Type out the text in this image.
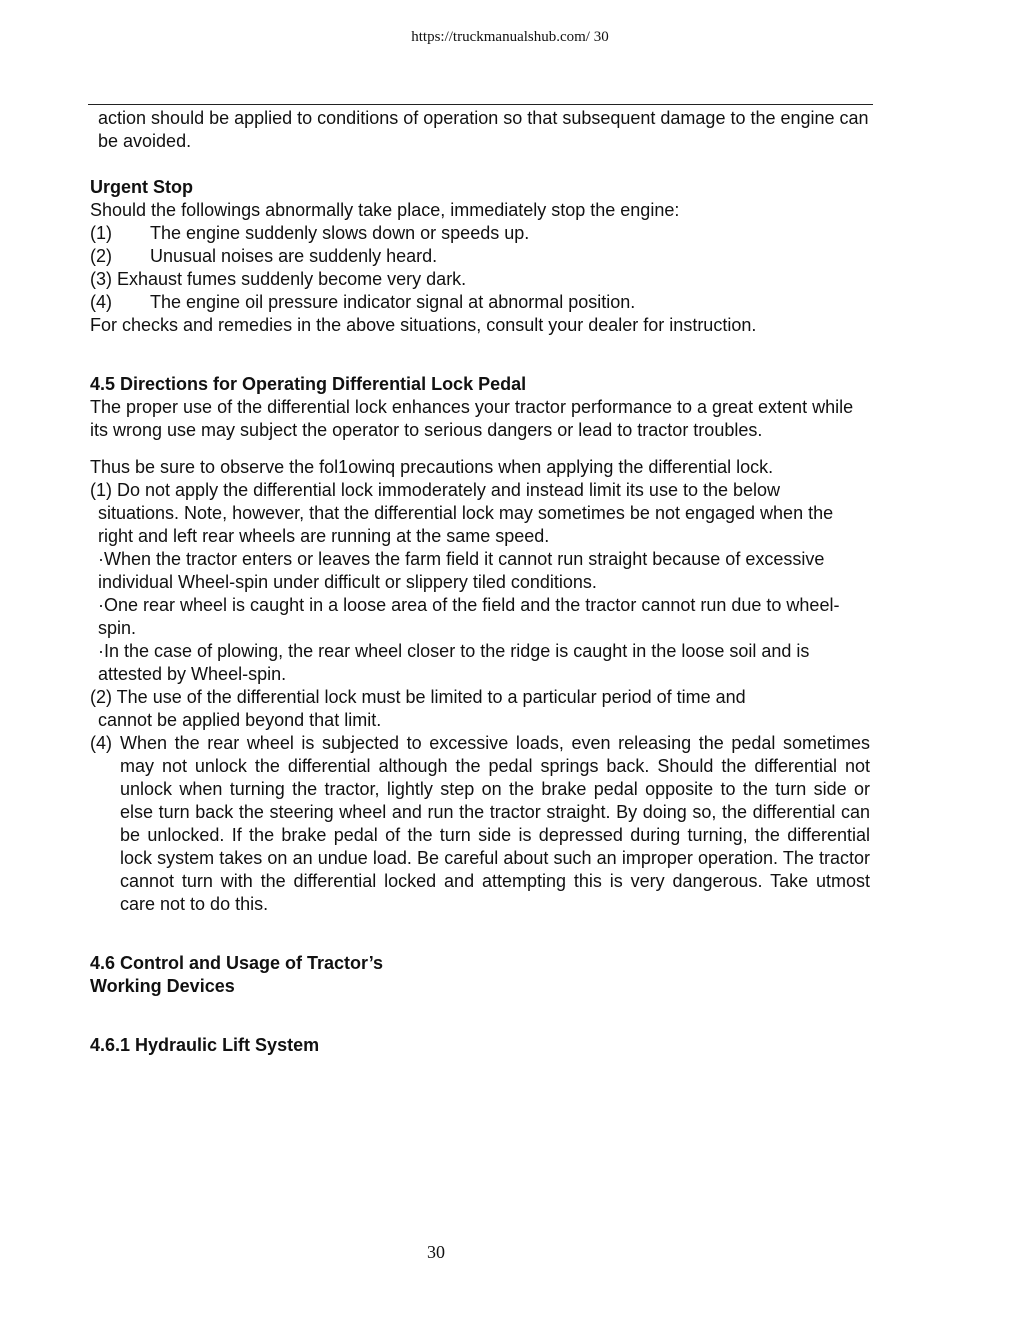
https://truckmanualshub.com/ 30
action should be applied to conditions of operation so that subsequent damage to the engine can be avoided.
Urgent Stop
Should the followings abnormally take place, immediately stop the engine:
(1)	The engine suddenly slows down or speeds up.
(2)	Unusual noises are suddenly heard.
(3) Exhaust fumes suddenly become very dark.
(4)	The engine oil pressure indicator signal at abnormal position.
For checks and remedies in the above situations, consult your dealer for instruction.
4.5 Directions for Operating Differential Lock Pedal
The proper use of the differential lock enhances your tractor performance to a great extent while its wrong use may subject the operator to serious dangers or lead to tractor troubles.
Thus be sure to observe the fol1owinq precautions when applying the differential lock.
(1) Do not apply the differential lock immoderately and instead limit its use to the below
situations. Note, however, that the differential lock may sometimes be not engaged when the right and left rear wheels are running at the same speed.
·When the tractor enters or leaves the farm field it cannot run straight because of excessive individual Wheel-spin under difficult or slippery tiled conditions.
·One rear wheel is caught in a loose area of the field and the tractor cannot run due to wheel-spin.
·In the case of plowing, the rear wheel closer to the ridge is caught in the loose soil and is attested by Wheel-spin.
(2) The use of the differential lock must be limited to a particular period of time and
cannot be applied beyond that limit.
(4) When the rear wheel is subjected to excessive loads, even releasing the pedal sometimes may not unlock the differential although the pedal springs back. Should the differential not unlock when turning the tractor, lightly step on the brake pedal opposite to the turn side or else turn back the steering wheel and run the tractor straight. By doing so, the differential can be unlocked. If the brake pedal of the turn side is depressed during turning, the differential lock system takes on an undue load. Be careful about such an improper operation. The tractor cannot turn with the differential locked and attempting this is very dangerous. Take utmost care not to do this.
4.6 Control and Usage of Tractor’s
Working Devices
4.6.1 Hydraulic Lift System
30
